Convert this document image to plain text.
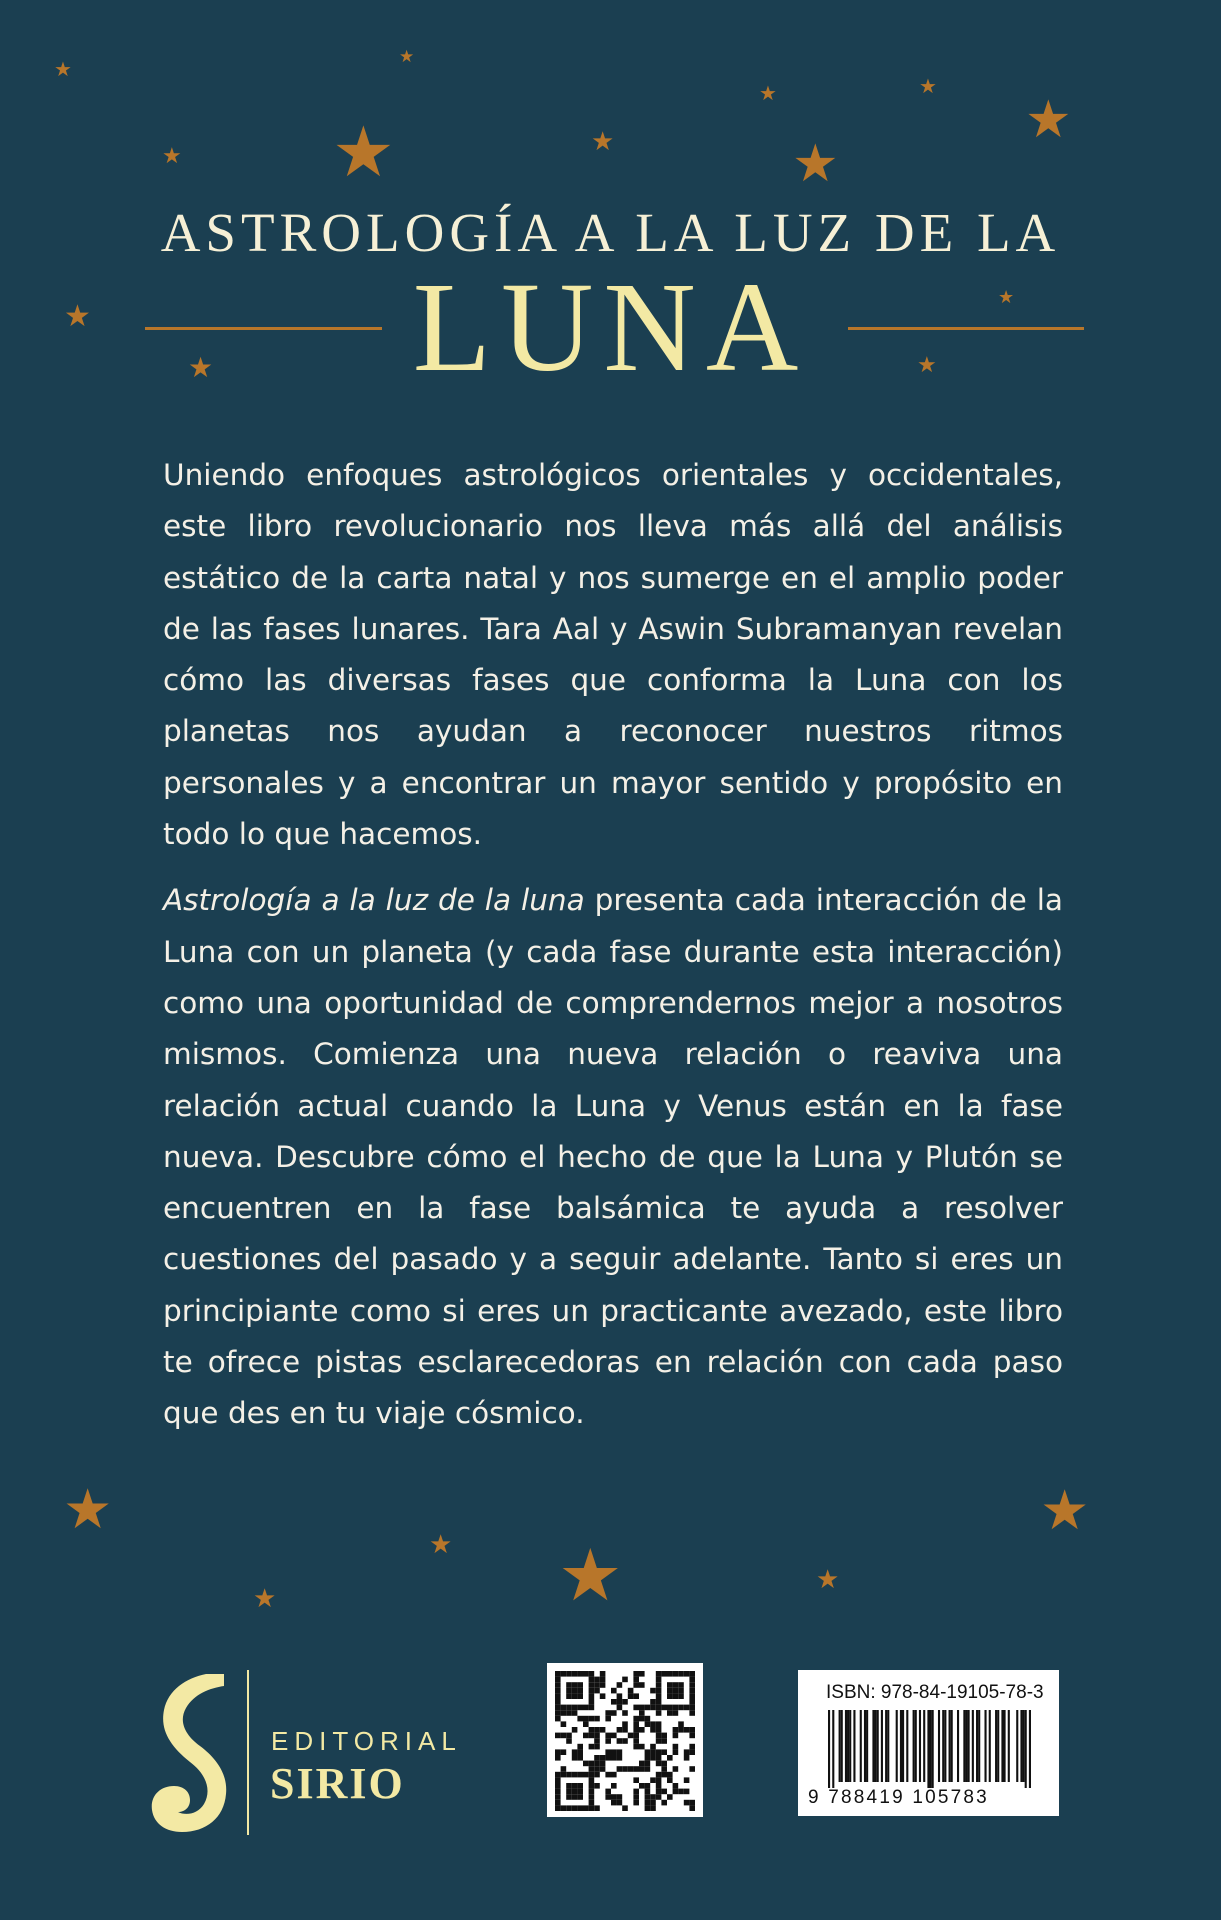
★
★
★	★
★
★ ★	★	★
★
★
★	★
★	★
★ ★	★
★
ASTROLOGÍA A LA LUZ DE LA
LUNA

Uniendo enfoques astrológicos orientales y occidentales, este libro revolucionario nos lleva más allá del análisis estático de la carta natal y nos sumerge en el amplio poder de las fases lunares. Tara Aal y Aswin Subramanyan revelan cómo las diversas fases que conforma la Luna con los planetas nos ayudan a reconocer nuestros ritmos personales y a encontrar un mayor sentido y propósito en todo lo que hacemos.

Astrología a la luz de la luna presenta cada interacción de la Luna con un planeta (y cada fase durante esta interacción) como una oportunidad de comprendernos mejor a nosotros mismos. Comienza una nueva relación o reaviva una relación actual cuando la Luna y Venus están en la fase nueva. Descubre cómo el hecho de que la Luna y Plutón se encuentren en la fase balsámica te ayuda a resolver cuestiones del pasado y a seguir adelante. Tanto si eres un principiante como si eres un practicante avezado, este libro te ofrece pistas esclarecedoras en relación con cada paso que des en tu viaje cósmico.

EDITORIAL
SIRIO
ISBN: 978-84-19105-78-3
9 788419 105783
